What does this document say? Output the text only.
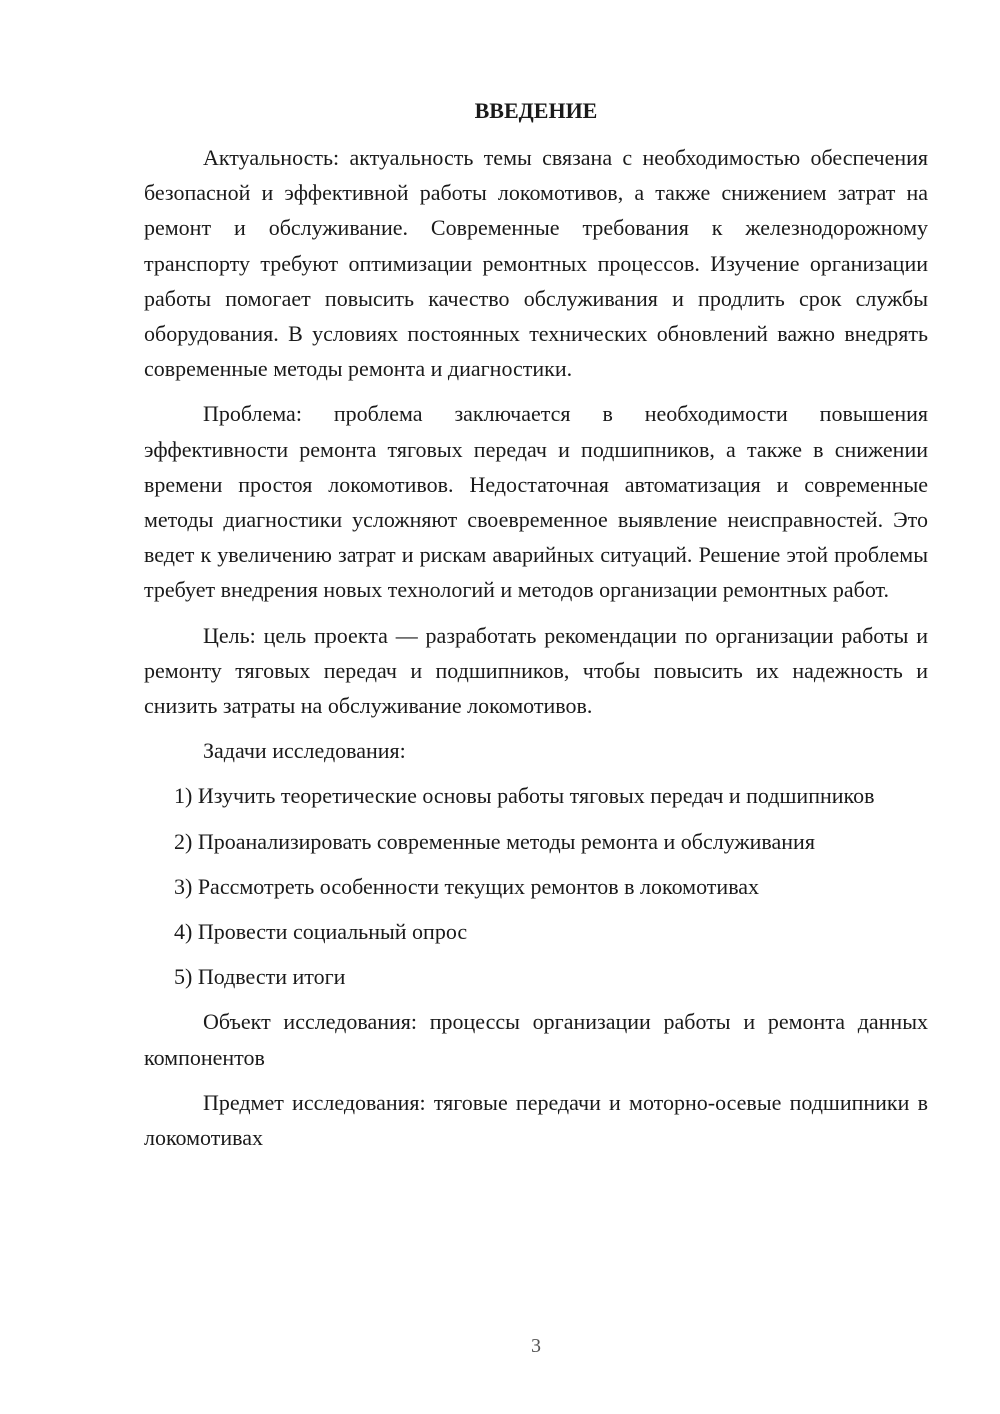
ВВЕДЕНИЕ

Актуальность: актуальность темы связана с необходимостью обеспечения безопасной и эффективной работы локомотивов, а также снижением затрат на ремонт и обслуживание. Современные требования к железнодорожному транспорту требуют оптимизации ремонтных процессов. Изучение организации работы помогает повысить качество обслуживания и продлить срок службы оборудования. В условиях постоянных технических обновлений важно внедрять современные методы ремонта и диагностики.

Проблема: проблема заключается в необходимости повышения эффективности ремонта тяговых передач и подшипников, а также в снижении времени простоя локомотивов. Недостаточная автоматизация и современные методы диагностики усложняют своевременное выявление неисправностей. Это ведет к увеличению затрат и рискам аварийных ситуаций. Решение этой проблемы требует внедрения новых технологий и методов организации ремонтных работ.

Цель: цель проекта — разработать рекомендации по организации работы и ремонту тяговых передач и подшипников, чтобы повысить их надежность и снизить затраты на обслуживание локомотивов.

Задачи исследования:

1) Изучить теоретические основы работы тяговых передач и подшипников

2) Проанализировать современные методы ремонта и обслуживания

3) Рассмотреть особенности текущих ремонтов в локомотивах

4) Провести социальный опрос

5) Подвести итоги

Объект исследования: процессы организации работы и ремонта данных компонентов

Предмет исследования: тяговые передачи и моторно-осевые подшипники в локомотивах

3
